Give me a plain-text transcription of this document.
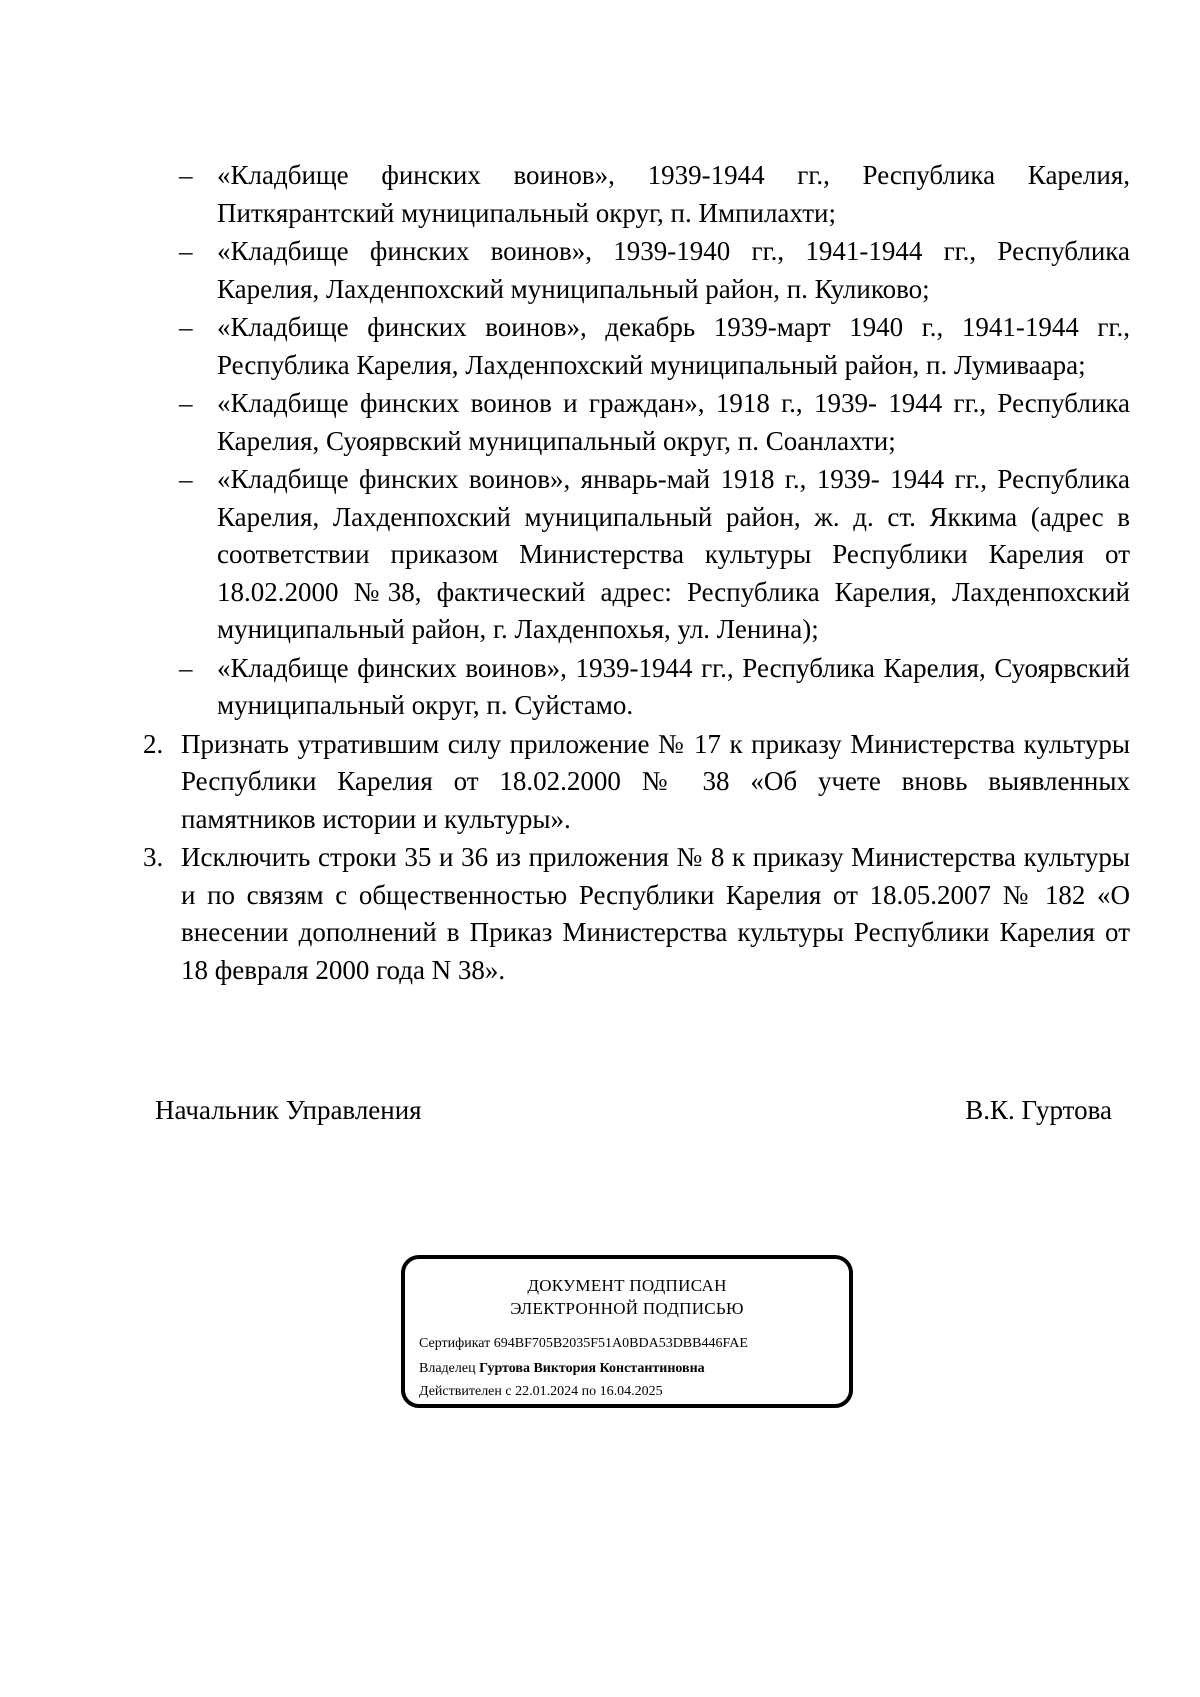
– «Кладбище финских воинов», 1939-1944 гг., Республика Карелия, Питкярантский муниципальный округ, п. Импилахти;
– «Кладбище финских воинов», 1939-1940 гг., 1941-1944 гг., Республика Карелия, Лахденпохский муниципальный район, п. Куликово;
– «Кладбище финских воинов», декабрь 1939-март 1940 г., 1941-1944 гг., Республика Карелия, Лахденпохский муниципальный район, п. Лумиваара;
– «Кладбище финских воинов и граждан», 1918 г., 1939- 1944 гг., Республика Карелия, Суоярвский муниципальный округ, п. Соанлахти;
– «Кладбище финских воинов», январь-май 1918 г., 1939- 1944 гг., Республика Карелия, Лахденпохский муниципальный район, ж. д. ст. Яккима (адрес в соответствии приказом Министерства культуры Республики Карелия от 18.02.2000 №38, фактический адрес: Республика Карелия, Лахденпохский муниципальный район, г. Лахденпохья, ул. Ленина);
– «Кладбище финских воинов», 1939-1944 гг., Республика Карелия, Суоярвский муниципальный округ, п. Суйстамо.
2. Признать утратившим силу приложение № 17 к приказу Министерства культуры Республики Карелия от 18.02.2000 № 38 «Об учете вновь выявленных памятников истории и культуры».
3. Исключить строки 35 и 36 из приложения № 8 к приказу Министерства культуры и по связям с общественностью Республики Карелия от 18.05.2007 № 182 «О внесении дополнений в Приказ Министерства культуры Республики Карелия от 18 февраля 2000 года N 38».
Начальник Управления	В.К. Гуртова
ДОКУМЕНТ ПОДПИСАН
ЭЛЕКТРОННОЙ ПОДПИСЬЮ
Сертификат 694BF705B2035F51A0BDA53DBB446FAE
Владелец Гуртова Виктория Константиновна
Действителен с 22.01.2024 по 16.04.2025
